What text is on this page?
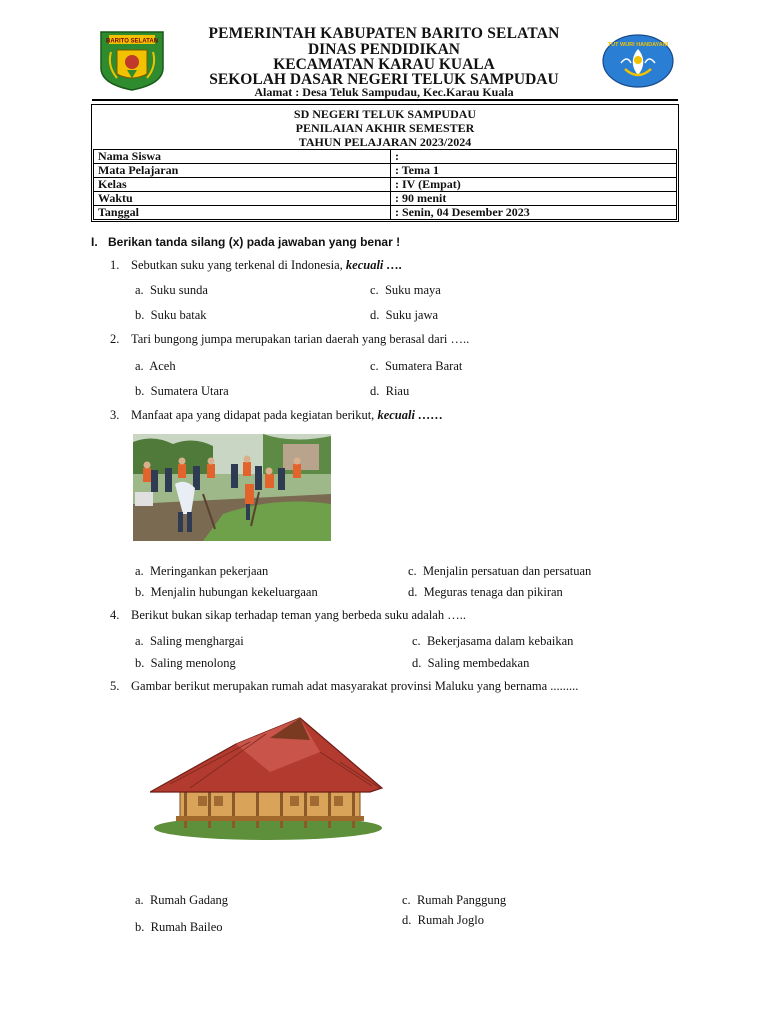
BARITO SELATAN
TUT WURI HANDAYANI
PEMERINTAH KABUPATEN BARITO SELATAN
DINAS PENDIDIKAN
KECAMATAN KARAU KUALA
SEKOLAH DASAR NEGERI TELUK SAMPUDAU
Alamat : Desa Teluk Sampudau, Kec.Karau Kuala
SD NEGERI TELUK SAMPUDAU
PENILAIAN AKHIR SEMESTER
TAHUN PELAJARAN 2023/2024
Nama Siswa	:
Mata Pelajaran	: Tema 1
Kelas	: IV (Empat)
Waktu	: 90 menit
Tanggal	: Senin, 04 Desember 2023
I. Berikan tanda silang (x) pada jawaban yang benar !
1. Sebutkan suku yang terkenal di Indonesia, kecuali ….
a.  Suku sunda
b.  Suku batak
c.  Suku maya
d.  Suku jawa
2. Tari bungong jumpa merupakan tarian daerah yang berasal dari …..
a.  Aceh
b.  Sumatera Utara
c.  Sumatera Barat
d.  Riau
3. Manfaat apa yang didapat pada kegiatan berikut, kecuali ……
a.  Meringankan pekerjaan
b.  Menjalin hubungan kekeluargaan
c.  Menjalin persatuan dan persatuan
d.  Meguras tenaga dan pikiran
4. Berikut bukan sikap terhadap teman yang berbeda suku adalah …..
a.  Saling menghargai
b.  Saling menolong
c.  Bekerjasama dalam kebaikan
d.  Saling membedakan
5. Gambar berikut merupakan rumah adat masyarakat provinsi Maluku yang bernama .........
a.  Rumah Gadang
b.  Rumah Baileo
c.  Rumah Panggung
d.  Rumah Joglo
